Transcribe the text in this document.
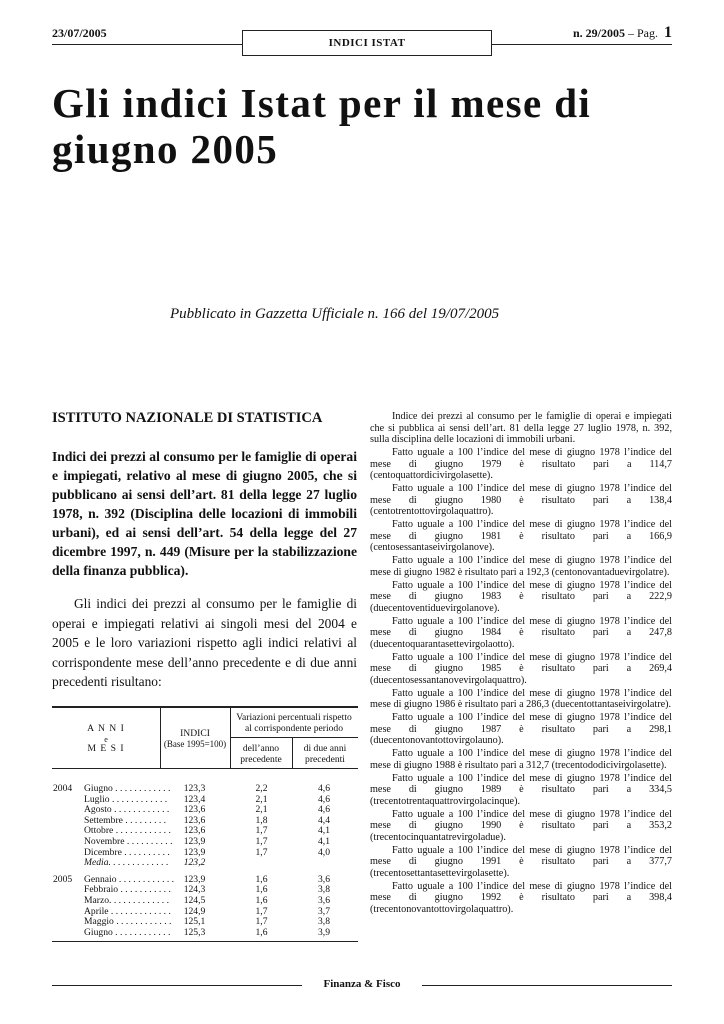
23/07/2005
INDICI ISTAT
n. 29/2005 – Pag. 1
Gli indici Istat per il mese di giugno 2005
Pubblicato in Gazzetta Ufficiale n. 166 del 19/07/2005
ISTITUTO NAZIONALE DI STATISTICA
Indici dei prezzi al consumo per le famiglie di operai e impiegati, relativo al mese di giugno 2005, che si pubblicano ai sensi dell’art. 81 della legge 27 luglio 1978, n. 392 (Disciplina delle locazioni di immobili urbani), ed ai sensi dell’art. 54 della legge del 27 dicembre 1997, n. 449 (Misure per la stabilizzazione della finanza pubblica).
Gli indici dei prezzi al consumo per le famiglie di operai e impiegati relativi ai singoli mesi del 2004 e 2005 e le loro variazioni rispetto agli indici relativi al corrispondente mese dell’anno precedente e di due anni precedenti risultano:
A N N I
e
M E S I
INDICI
(Base 1995=100)
Variazioni percentuali rispetto
al corrispondente periodo
dell’anno
precedente
di due anni
precedenti
2004 Giugno . . . . . . . . . . . .	123,3	2,2	4,6
Luglio . . . . . . . . . . . .	123,4	2,1	4,6
Agosto . . . . . . . . . . . .	123,6	2,1	4,6
Settembre . . . . . . . . .	123,6	1,8	4,4
Ottobre . . . . . . . . . . . .	123,6	1,7	4,1
Novembre . . . . . . . . . .	123,9	1,7	4,1
Dicembre . . . . . . . . . .	123,9	1,7	4,0
Media. . . . . . . . . . . . .	123,2
2005 Gennaio . . . . . . . . . . . .	123,9	1,6	3,6
Febbraio . . . . . . . . . . .	124,3	1,6	3,8
Marzo. . . . . . . . . . . . .	124,5	1,6	3,6
Aprile . . . . . . . . . . . . .	124,9	1,7	3,7
Maggio . . . . . . . . . . . .	125,1	1,7	3,8
Giugno . . . . . . . . . . . .	125,3	1,6	3,9

Indice dei prezzi al consumo per le famiglie di operai e impiegati che si pubblica ai sensi dell’art. 81 della legge 27 luglio 1978, n. 392, sulla disciplina delle locazioni di immobili urbani.

Fatto uguale a 100 l’indice del mese di giugno 1978 l’indice del mese di giugno 1979 è risultato pari a 114,7 (centoquattordicivirgolasette).

Fatto uguale a 100 l’indice del mese di giugno 1978 l’indice del mese di giugno 1980 è risultato pari a 138,4 (centotrentottovirgolaquattro).

Fatto uguale a 100 l’indice del mese di giugno 1978 l’indice del mese di giugno 1981 è risultato pari a 166,9 (centosessantaseivirgolanove).

Fatto uguale a 100 l’indice del mese di giugno 1978 l’indice del mese di giugno 1982 è risultato pari a 192,3 (centonovantaduevirgolatre).

Fatto uguale a 100 l’indice del mese di giugno 1978 l’indice del mese di giugno 1983 è risultato pari a 222,9 (duecentoventiduevirgolanove).

Fatto uguale a 100 l’indice del mese di giugno 1978 l’indice del mese di giugno 1984 è risultato pari a 247,8 (duecentoquarantasettevirgolaotto).

Fatto uguale a 100 l’indice del mese di giugno 1978 l’indice del mese di giugno 1985 è risultato pari a 269,4 (duecentosessantanovevirgolaquattro).

Fatto uguale a 100 l’indice del mese di giugno 1978 l’indice del mese di giugno 1986 è risultato pari a 286,3 (duecentottantaseivirgolatre).

Fatto uguale a 100 l’indice del mese di giugno 1978 l’indice del mese di giugno 1987 è risultato pari a 298,1 (duecentonovantottovirgolauno).

Fatto uguale a 100 l’indice del mese di giugno 1978 l’indice del mese di giugno 1988 è risultato pari a 312,7 (trecentododicivirgolasette).

Fatto uguale a 100 l’indice del mese di giugno 1978 l’indice del mese di giugno 1989 è risultato pari a 334,5 (trecentotrentaquattrovirgolacinque).

Fatto uguale a 100 l’indice del mese di giugno 1978 l’indice del mese di giugno 1990 è risultato pari a 353,2 (trecentocinquantatrevirgoladue).

Fatto uguale a 100 l’indice del mese di giugno 1978 l’indice del mese di giugno 1991 è risultato pari a 377,7 (trecentosettantasettevirgolasette).

Fatto uguale a 100 l’indice del mese di giugno 1978 l’indice del mese di giugno 1992 è risultato pari a 398,4 (trecentonovantottovirgolaquattro).

Finanza & Fisco
